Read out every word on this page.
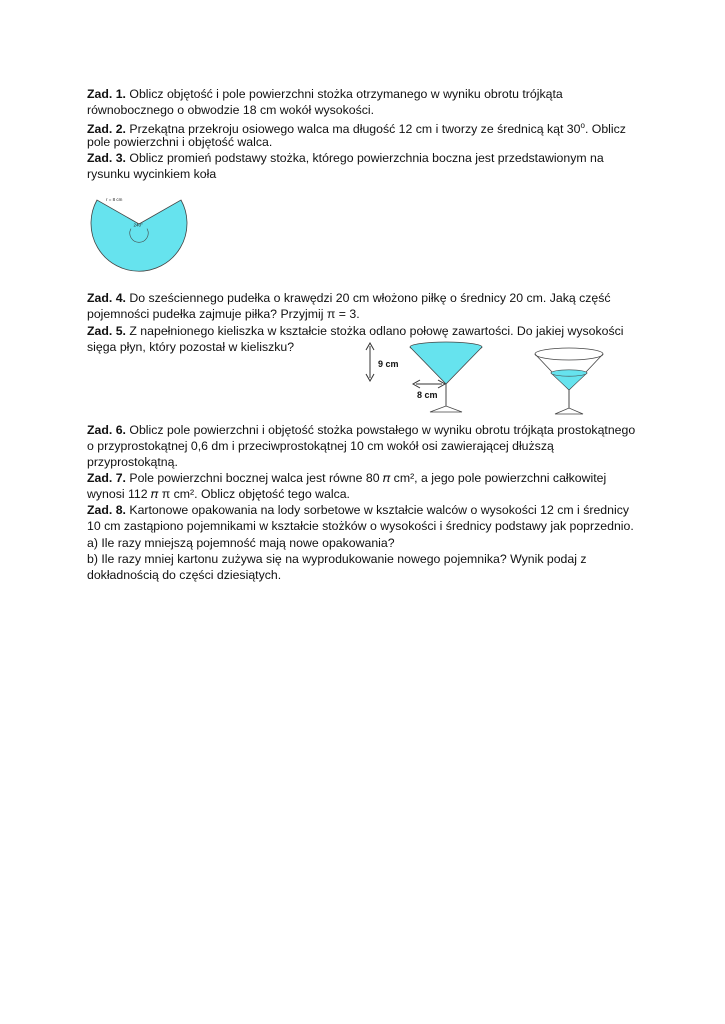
Zad. 1. Oblicz objętość i pole powierzchni stożka otrzymanego w wyniku obrotu trójkąta
równobocznego o obwodzie 18 cm wokół wysokości.
Zad. 2. Przekątna przekroju osiowego walca ma długość 12 cm i tworzy ze średnicą kąt 30$^o$. Oblicz
pole powierzchni i objętość walca.
Zad. 3. Oblicz promień podstawy stożka, którego powierzchnia boczna jest przedstawionym na
rysunku wycinkiem koła
r = 8 cm
240°
Zad. 4. Do sześciennego pudełka o krawędzi 20 cm włożono piłkę o średnicy 20 cm. Jaką część
pojemności pudełka zajmuje piłka? Przyjmij π = 3.
Zad. 5. Z napełnionego kieliszka w kształcie stożka odlano połowę zawartości. Do jakiej wysokości
sięga płyn, który pozostał w kieliszku?
9 cm
8 cm
Zad. 6. Oblicz pole powierzchni i objętość stożka powstałego w wyniku obrotu trójkąta prostokątnego
o przyprostokątnej 0,6 dm i przeciwprostokątnej 10 cm wokół osi zawierającej dłuższą
przyprostokątną.
Zad. 7. Pole powierzchni bocznej walca jest równe 80 𝜋 cm², a jego pole powierzchni całkowitej
wynosi 112 𝜋 π cm². Oblicz objętość tego walca.
Zad. 8. Kartonowe opakowania na lody sorbetowe w kształcie walców o wysokości 12 cm i średnicy
10 cm zastąpiono pojemnikami w kształcie stożków o wysokości i średnicy podstawy jak poprzednio.
a) Ile razy mniejszą pojemność mają nowe opakowania?
b) Ile razy mniej kartonu zużywa się na wyprodukowanie nowego pojemnika? Wynik podaj z
dokładnością do części dziesiątych.
